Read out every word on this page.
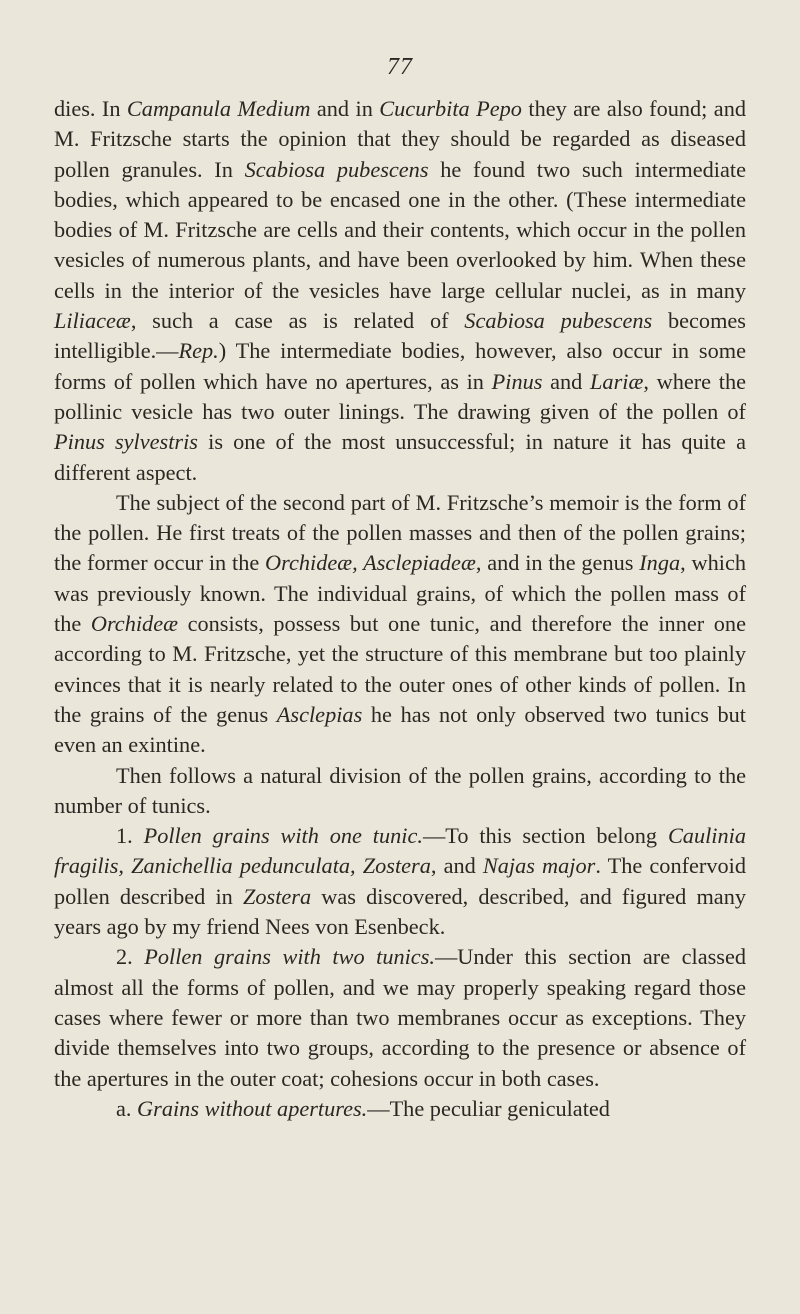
77

dies. In Campanula Medium and in Cucurbita Pepo they are also found; and M. Fritzsche starts the opinion that they should be regarded as diseased pollen granules. In Scabiosa pubescens he found two such intermediate bodies, which appeared to be encased one in the other. (These intermediate bodies of M. Fritzsche are cells and their contents, which occur in the pollen vesicles of numerous plants, and have been overlooked by him. When these cells in the interior of the vesicles have large cellular nuclei, as in many Liliaceæ, such a case as is related of Scabiosa pubescens becomes intelligible.—Rep.) The intermediate bodies, however, also occur in some forms of pollen which have no apertures, as in Pinus and Lariæ, where the pollinic vesicle has two outer linings. The drawing given of the pollen of Pinus sylvestris is one of the most unsuccessful; in nature it has quite a different aspect.

The subject of the second part of M. Fritzsche’s memoir is the form of the pollen. He first treats of the pollen masses and then of the pollen grains; the former occur in the Orchideæ, Asclepiadeæ, and in the genus Inga, which was previously known. The individual grains, of which the pollen mass of the Orchideæ consists, possess but one tunic, and therefore the inner one according to M. Fritzsche, yet the structure of this membrane but too plainly evinces that it is nearly related to the outer ones of other kinds of pollen. In the grains of the genus Asclepias he has not only observed two tunics but even an exintine.

Then follows a natural division of the pollen grains, according to the number of tunics.

1. Pollen grains with one tunic.—To this section belong Caulinia fragilis, Zanichellia pedunculata, Zostera, and Najas major. The confervoid pollen described in Zostera was discovered, described, and figured many years ago by my friend Nees von Esenbeck.

2. Pollen grains with two tunics.—Under this section are classed almost all the forms of pollen, and we may properly speaking regard those cases where fewer or more than two membranes occur as exceptions. They divide themselves into two groups, according to the presence or absence of the apertures in the outer coat; cohesions occur in both cases.

a. Grains without apertures.—The peculiar geniculated
